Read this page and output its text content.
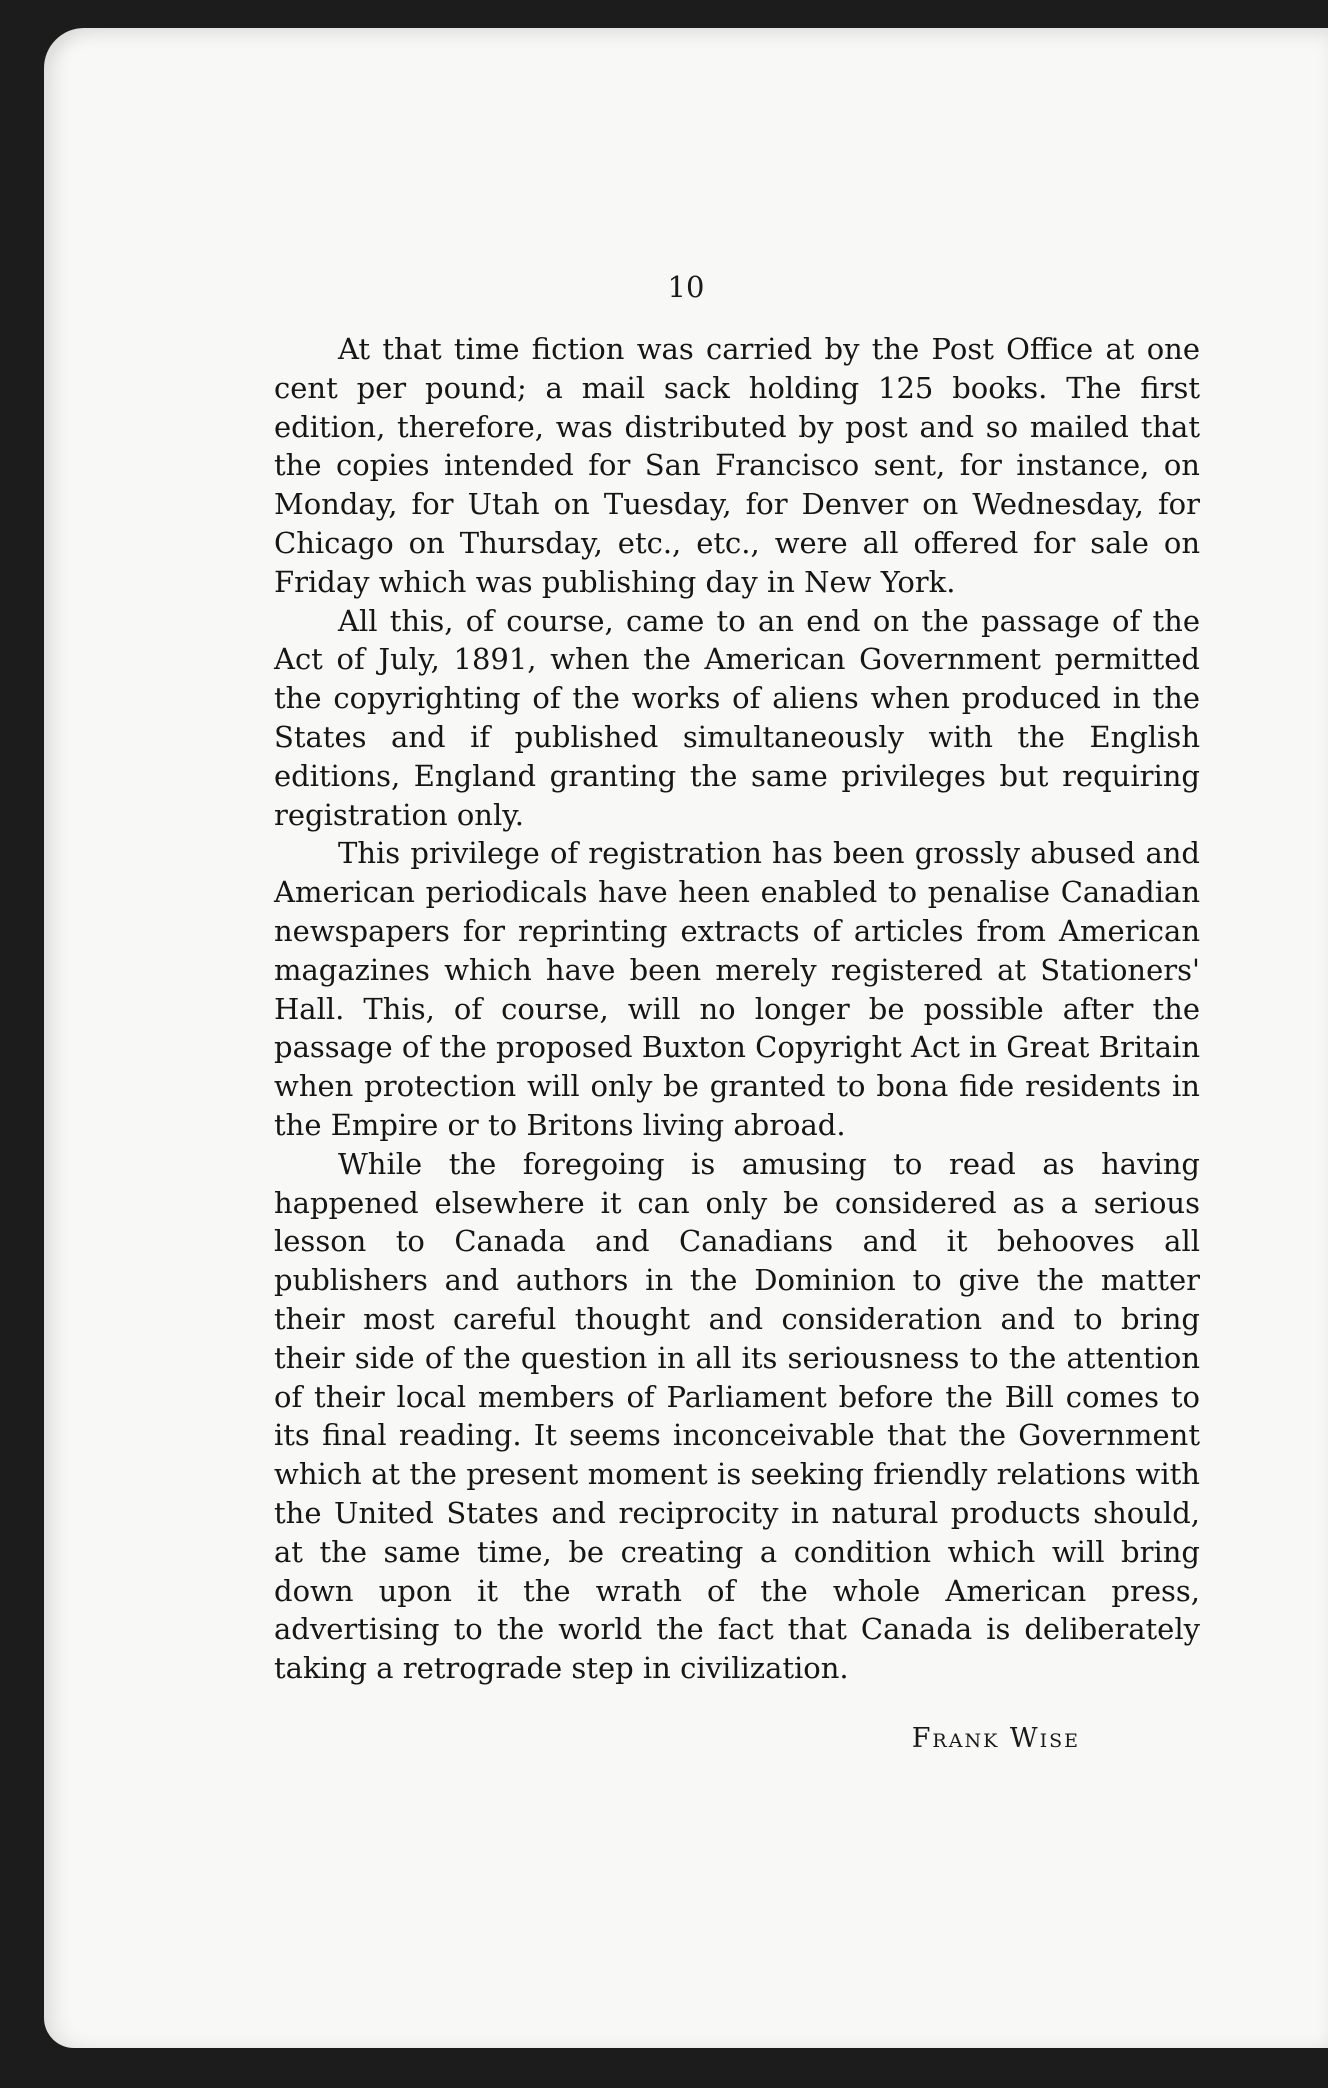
10

At that time fiction was carried by the Post Office at one cent per pound; a mail sack holding 125 books. The first edition, therefore, was distributed by post and so mailed that the copies intended for San Francisco sent, for instance, on Monday, for Utah on Tuesday, for Denver on Wednesday, for Chicago on Thursday, etc., etc., were all offered for sale on Friday which was publishing day in New York.

All this, of course, came to an end on the passage of the Act of July, 1891, when the American Government permitted the copyrighting of the works of aliens when produced in the States and if published simultaneously with the English editions, England granting the same privileges but requiring registration only.

This privilege of registration has been grossly abused and American periodicals have heen enabled to penalise Canadian newspapers for reprinting extracts of articles from American magazines which have been merely registered at Stationers' Hall. This, of course, will no longer be possible after the passage of the proposed Buxton Copyright Act in Great Britain when protection will only be granted to bona fide residents in the Empire or to Britons living abroad.

While the foregoing is amusing to read as having happened elsewhere it can only be considered as a serious lesson to Canada and Canadians and it behooves all publishers and authors in the Dominion to give the matter their most careful thought and consideration and to bring their side of the question in all its seriousness to the attention of their local members of Parliament before the Bill comes to its final reading. It seems inconceivable that the Government which at the present moment is seeking friendly relations with the United States and reciprocity in natural products should, at the same time, be creating a condition which will bring down upon it the wrath of the whole American press, advertising to the world the fact that Canada is deliberately taking a retrograde step in civilization.

Frank Wise
